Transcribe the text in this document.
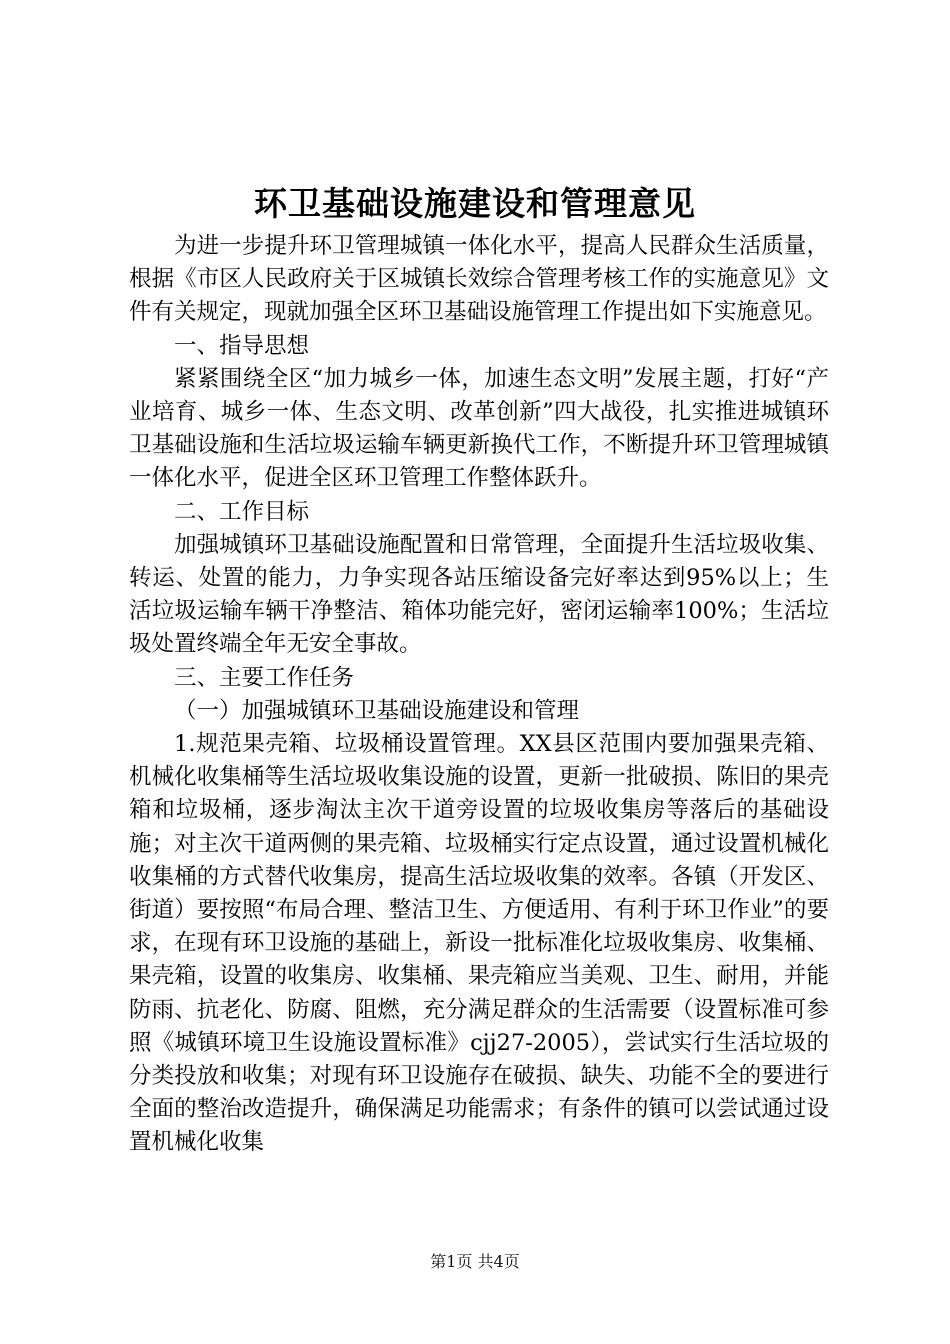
环卫基础设施建设和管理意见

为进一步提升环卫管理城镇一体化水平，提高人民群众生活质量，根据《市区人民政府关于区城镇长效综合管理考核工作的实施意见》文件有关规定，现就加强全区环卫基础设施管理工作提出如下实施意见。

一、指导思想

紧紧围绕全区“加力城乡一体，加速生态文明”发展主题，打好“产业培育、城乡一体、生态文明、改革创新”四大战役，扎实推进城镇环卫基础设施和生活垃圾运输车辆更新换代工作，不断提升环卫管理城镇一体化水平，促进全区环卫管理工作整体跃升。

二、工作目标

加强城镇环卫基础设施配置和日常管理，全面提升生活垃圾收集、转运、处置的能力，力争实现各站压缩设备完好率达到95%以上；生活垃圾运输车辆干净整洁、箱体功能完好，密闭运输率100%；生活垃圾处置终端全年无安全事故。

三、主要工作任务

（一）加强城镇环卫基础设施建设和管理

1.规范果壳箱、垃圾桶设置管理。XX县区范围内要加强果壳箱、机械化收集桶等生活垃圾收集设施的设置，更新一批破损、陈旧的果壳箱和垃圾桶，逐步淘汰主次干道旁设置的垃圾收集房等落后的基础设施；对主次干道两侧的果壳箱、垃圾桶实行定点设置，通过设置机械化收集桶的方式替代收集房，提高生活垃圾收集的效率。各镇（开发区、街道）要按照“布局合理、整洁卫生、方便适用、有利于环卫作业”的要求，在现有环卫设施的基础上，新设一批标准化垃圾收集房、收集桶、果壳箱，设置的收集房、收集桶、果壳箱应当美观、卫生、耐用，并能防雨、抗老化、防腐、阻燃，充分满足群众的生活需要（设置标准可参照《城镇环境卫生设施设置标准》cjj27-2005），尝试实行生活垃圾的分类投放和收集；对现有环卫设施存在破损、缺失、功能不全的要进行全面的整治改造提升，确保满足功能需求；有条件的镇可以尝试通过设置机械化收集

第1页 共4页
